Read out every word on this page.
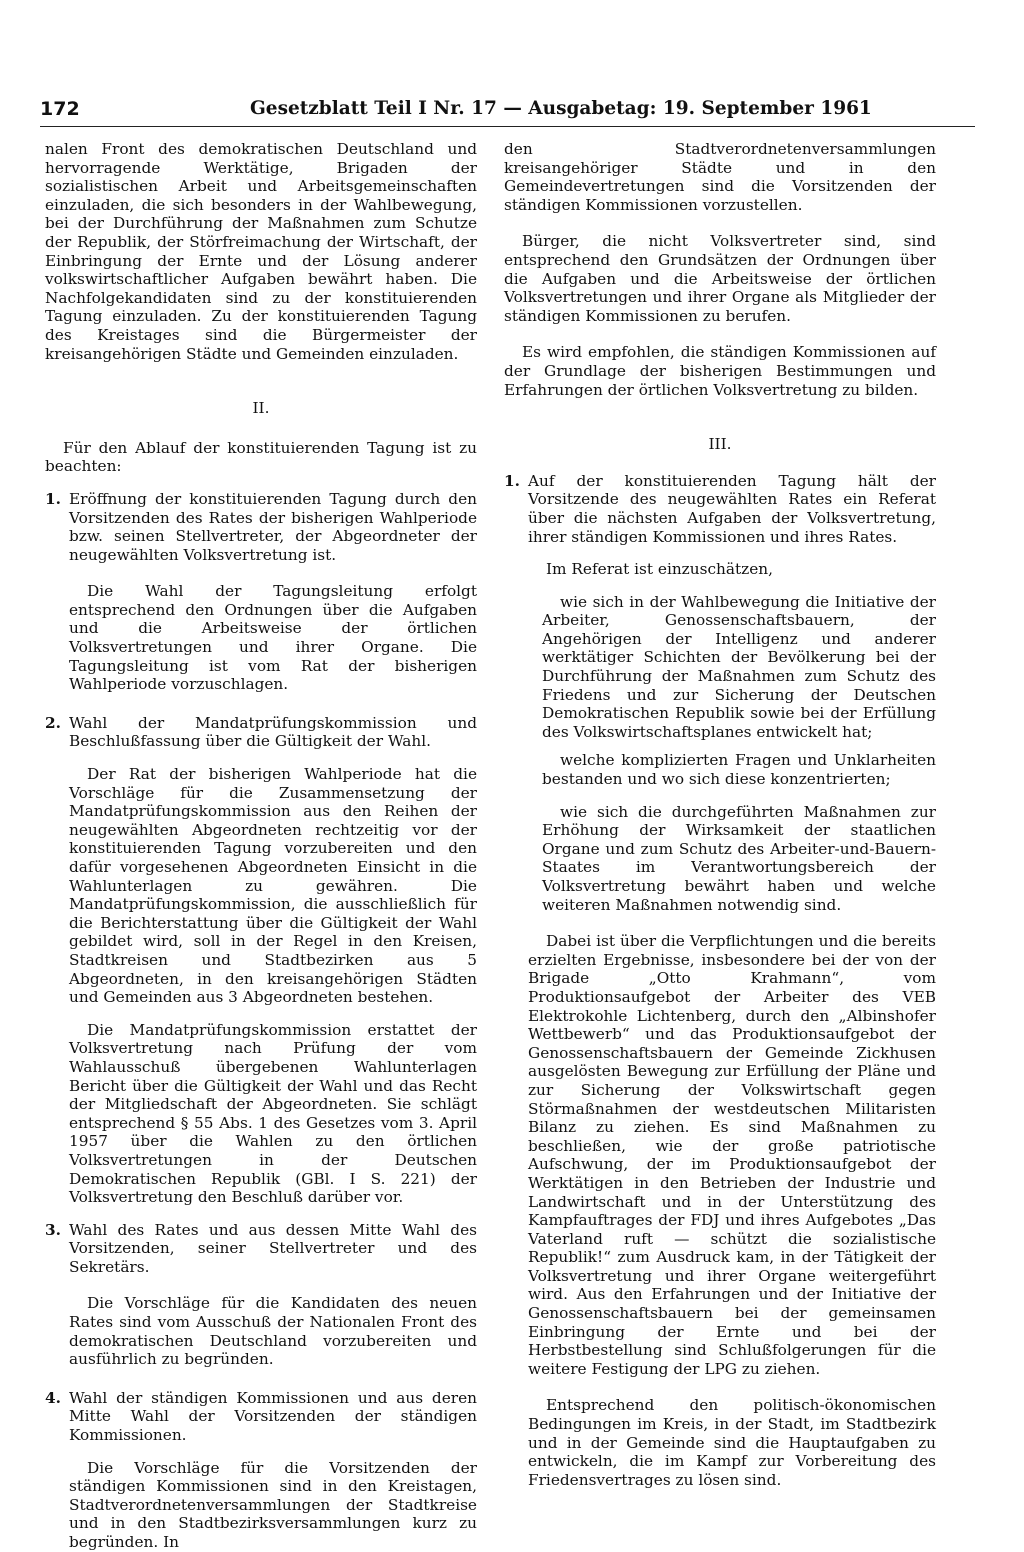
172	Gesetzblatt Teil I Nr. 17 — Ausgabetag: 19. September 1961

nalen Front des demokratischen Deutschland und hervorragende Werktätige, Brigaden der sozialistischen Arbeit und Arbeitsgemeinschaften einzuladen, die sich besonders in der Wahlbewegung, bei der Durchführung der Maßnahmen zum Schutze der Republik, der Störfreimachung der Wirtschaft, der Einbringung der Ernte und der Lösung anderer volkswirtschaftlicher Aufgaben bewährt haben. Die Nachfolgekandidaten sind zu der konstituierenden Tagung einzuladen. Zu der konstituierenden Tagung des Kreistages sind die Bürgermeister der kreisangehörigen Städte und Gemeinden einzuladen.

II.

Für den Ablauf der konstituierenden Tagung ist zu beachten:

1. Eröffnung der konstituierenden Tagung durch den Vorsitzenden des Rates der bisherigen Wahlperiode bzw. seinen Stellvertreter, der Abgeordneter der neugewählten Volksvertretung ist.

Die Wahl der Tagungsleitung erfolgt entsprechend den Ordnungen über die Aufgaben und die Arbeitsweise der örtlichen Volksvertretungen und ihrer Organe. Die Tagungsleitung ist vom Rat der bisherigen Wahlperiode vorzuschlagen.

2. Wahl der Mandatprüfungskommission und Beschlußfassung über die Gültigkeit der Wahl.

Der Rat der bisherigen Wahlperiode hat die Vorschläge für die Zusammensetzung der Mandatprüfungskommission aus den Reihen der neugewählten Abgeordneten rechtzeitig vor der konstituierenden Tagung vorzubereiten und den dafür vorgesehenen Abgeordneten Einsicht in die Wahlunterlagen zu gewähren. Die Mandatprüfungskommission, die ausschließlich für die Berichterstattung über die Gültigkeit der Wahl gebildet wird, soll in der Regel in den Kreisen, Stadtkreisen und Stadtbezirken aus 5 Abgeordneten, in den kreisangehörigen Städten und Gemeinden aus 3 Abgeordneten bestehen.

Die Mandatprüfungskommission erstattet der Volksvertretung nach Prüfung der vom Wahlausschuß übergebenen Wahlunterlagen Bericht über die Gültigkeit der Wahl und das Recht der Mitgliedschaft der Abgeordneten. Sie schlägt entsprechend § 55 Abs. 1 des Gesetzes vom 3. April 1957 über die Wahlen zu den örtlichen Volksvertretungen in der Deutschen Demokratischen Republik (GBl. I S. 221) der Volksvertretung den Beschluß darüber vor.

3. Wahl des Rates und aus dessen Mitte Wahl des Vorsitzenden, seiner Stellvertreter und des Sekretärs.

Die Vorschläge für die Kandidaten des neuen Rates sind vom Ausschuß der Nationalen Front des demokratischen Deutschland vorzubereiten und ausführlich zu begründen.

4. Wahl der ständigen Kommissionen und aus deren Mitte Wahl der Vorsitzenden der ständigen Kommissionen.

Die Vorschläge für die Vorsitzenden der ständigen Kommissionen sind in den Kreistagen, Stadtverordnetenversammlungen der Stadtkreise und in den Stadtbezirksversammlungen kurz zu begründen. In

den Stadtverordnetenversammlungen kreisangehöriger Städte und in den Gemeindevertretungen sind die Vorsitzenden der ständigen Kommissionen vorzustellen.

Bürger, die nicht Volksvertreter sind, sind entsprechend den Grundsätzen der Ordnungen über die Aufgaben und die Arbeitsweise der örtlichen Volksvertretungen und ihrer Organe als Mitglieder der ständigen Kommissionen zu berufen.

Es wird empfohlen, die ständigen Kommissionen auf der Grundlage der bisherigen Bestimmungen und Erfahrungen der örtlichen Volksvertretung zu bilden.

III.

1. Auf der konstituierenden Tagung hält der Vorsitzende des neugewählten Rates ein Referat über die nächsten Aufgaben der Volksvertretung, ihrer ständigen Kommissionen und ihres Rates.

Im Referat ist einzuschätzen,

wie sich in der Wahlbewegung die Initiative der Arbeiter, Genossenschaftsbauern, der Angehörigen der Intelligenz und anderer werktätiger Schichten der Bevölkerung bei der Durchführung der Maßnahmen zum Schutz des Friedens und zur Sicherung der Deutschen Demokratischen Republik sowie bei der Erfüllung des Volkswirtschaftsplanes entwickelt hat;

welche komplizierten Fragen und Unklarheiten bestanden und wo sich diese konzentrierten;

wie sich die durchgeführten Maßnahmen zur Erhöhung der Wirksamkeit der staatlichen Organe und zum Schutz des Arbeiter-und-Bauern-Staates im Verantwortungsbereich der Volksvertretung bewährt haben und welche weiteren Maßnahmen notwendig sind.

Dabei ist über die Verpflichtungen und die bereits erzielten Ergebnisse, insbesondere bei der von der Brigade „Otto Krahmann“, vom Produktionsaufgebot der Arbeiter des VEB Elektrokohle Lichtenberg, durch den „Albinshofer Wettbewerb“ und das Produktionsaufgebot der Genossenschaftsbauern der Gemeinde Zickhusen ausgelösten Bewegung zur Erfüllung der Pläne und zur Sicherung der Volkswirtschaft gegen Störmaßnahmen der westdeutschen Militaristen Bilanz zu ziehen. Es sind Maßnahmen zu beschließen, wie der große patriotische Aufschwung, der im Produktionsaufgebot der Werktätigen in den Betrieben der Industrie und Landwirtschaft und in der Unterstützung des Kampfauftrages der FDJ und ihres Aufgebotes „Das Vaterland ruft — schützt die sozialistische Republik!“ zum Ausdruck kam, in der Tätigkeit der Volksvertretung und ihrer Organe weitergeführt wird. Aus den Erfahrungen und der Initiative der Genossenschaftsbauern bei der gemeinsamen Einbringung der Ernte und bei der Herbstbestellung sind Schlußfolgerungen für die weitere Festigung der LPG zu ziehen.

Entsprechend den politisch-ökonomischen Bedingungen im Kreis, in der Stadt, im Stadtbezirk und in der Gemeinde sind die Hauptaufgaben zu entwickeln, die im Kampf zur Vorbereitung des Friedensvertrages zu lösen sind.
